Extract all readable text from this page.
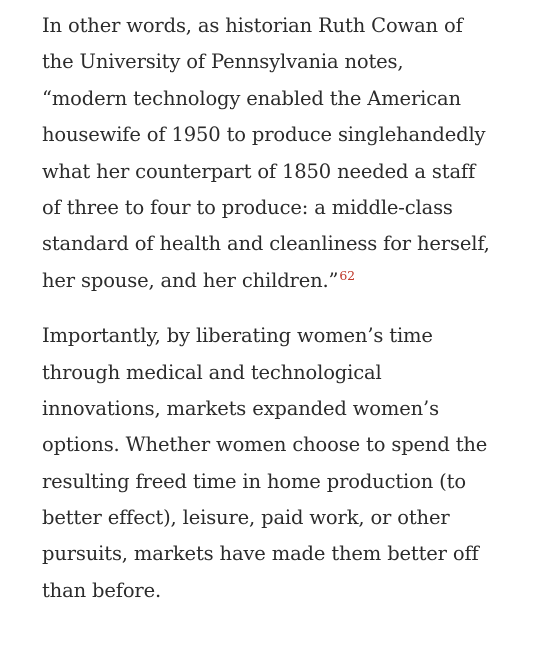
In other words, as historian Ruth Cowan of
the University of Pennsylvania notes,
“modern technology enabled the American
housewife of 1950 to produce singlehandedly
what her counterpart of 1850 needed a staff
of three to four to produce: a middle-class
standard of health and cleanliness for herself,
her spouse, and her children.”$^{62}$

Importantly, by liberating women’s time
through medical and technological
innovations, markets expanded women’s
options. Whether women choose to spend the
resulting freed time in home production (to
better effect), leisure, paid work, or other
pursuits, markets have made them better off
than before.
